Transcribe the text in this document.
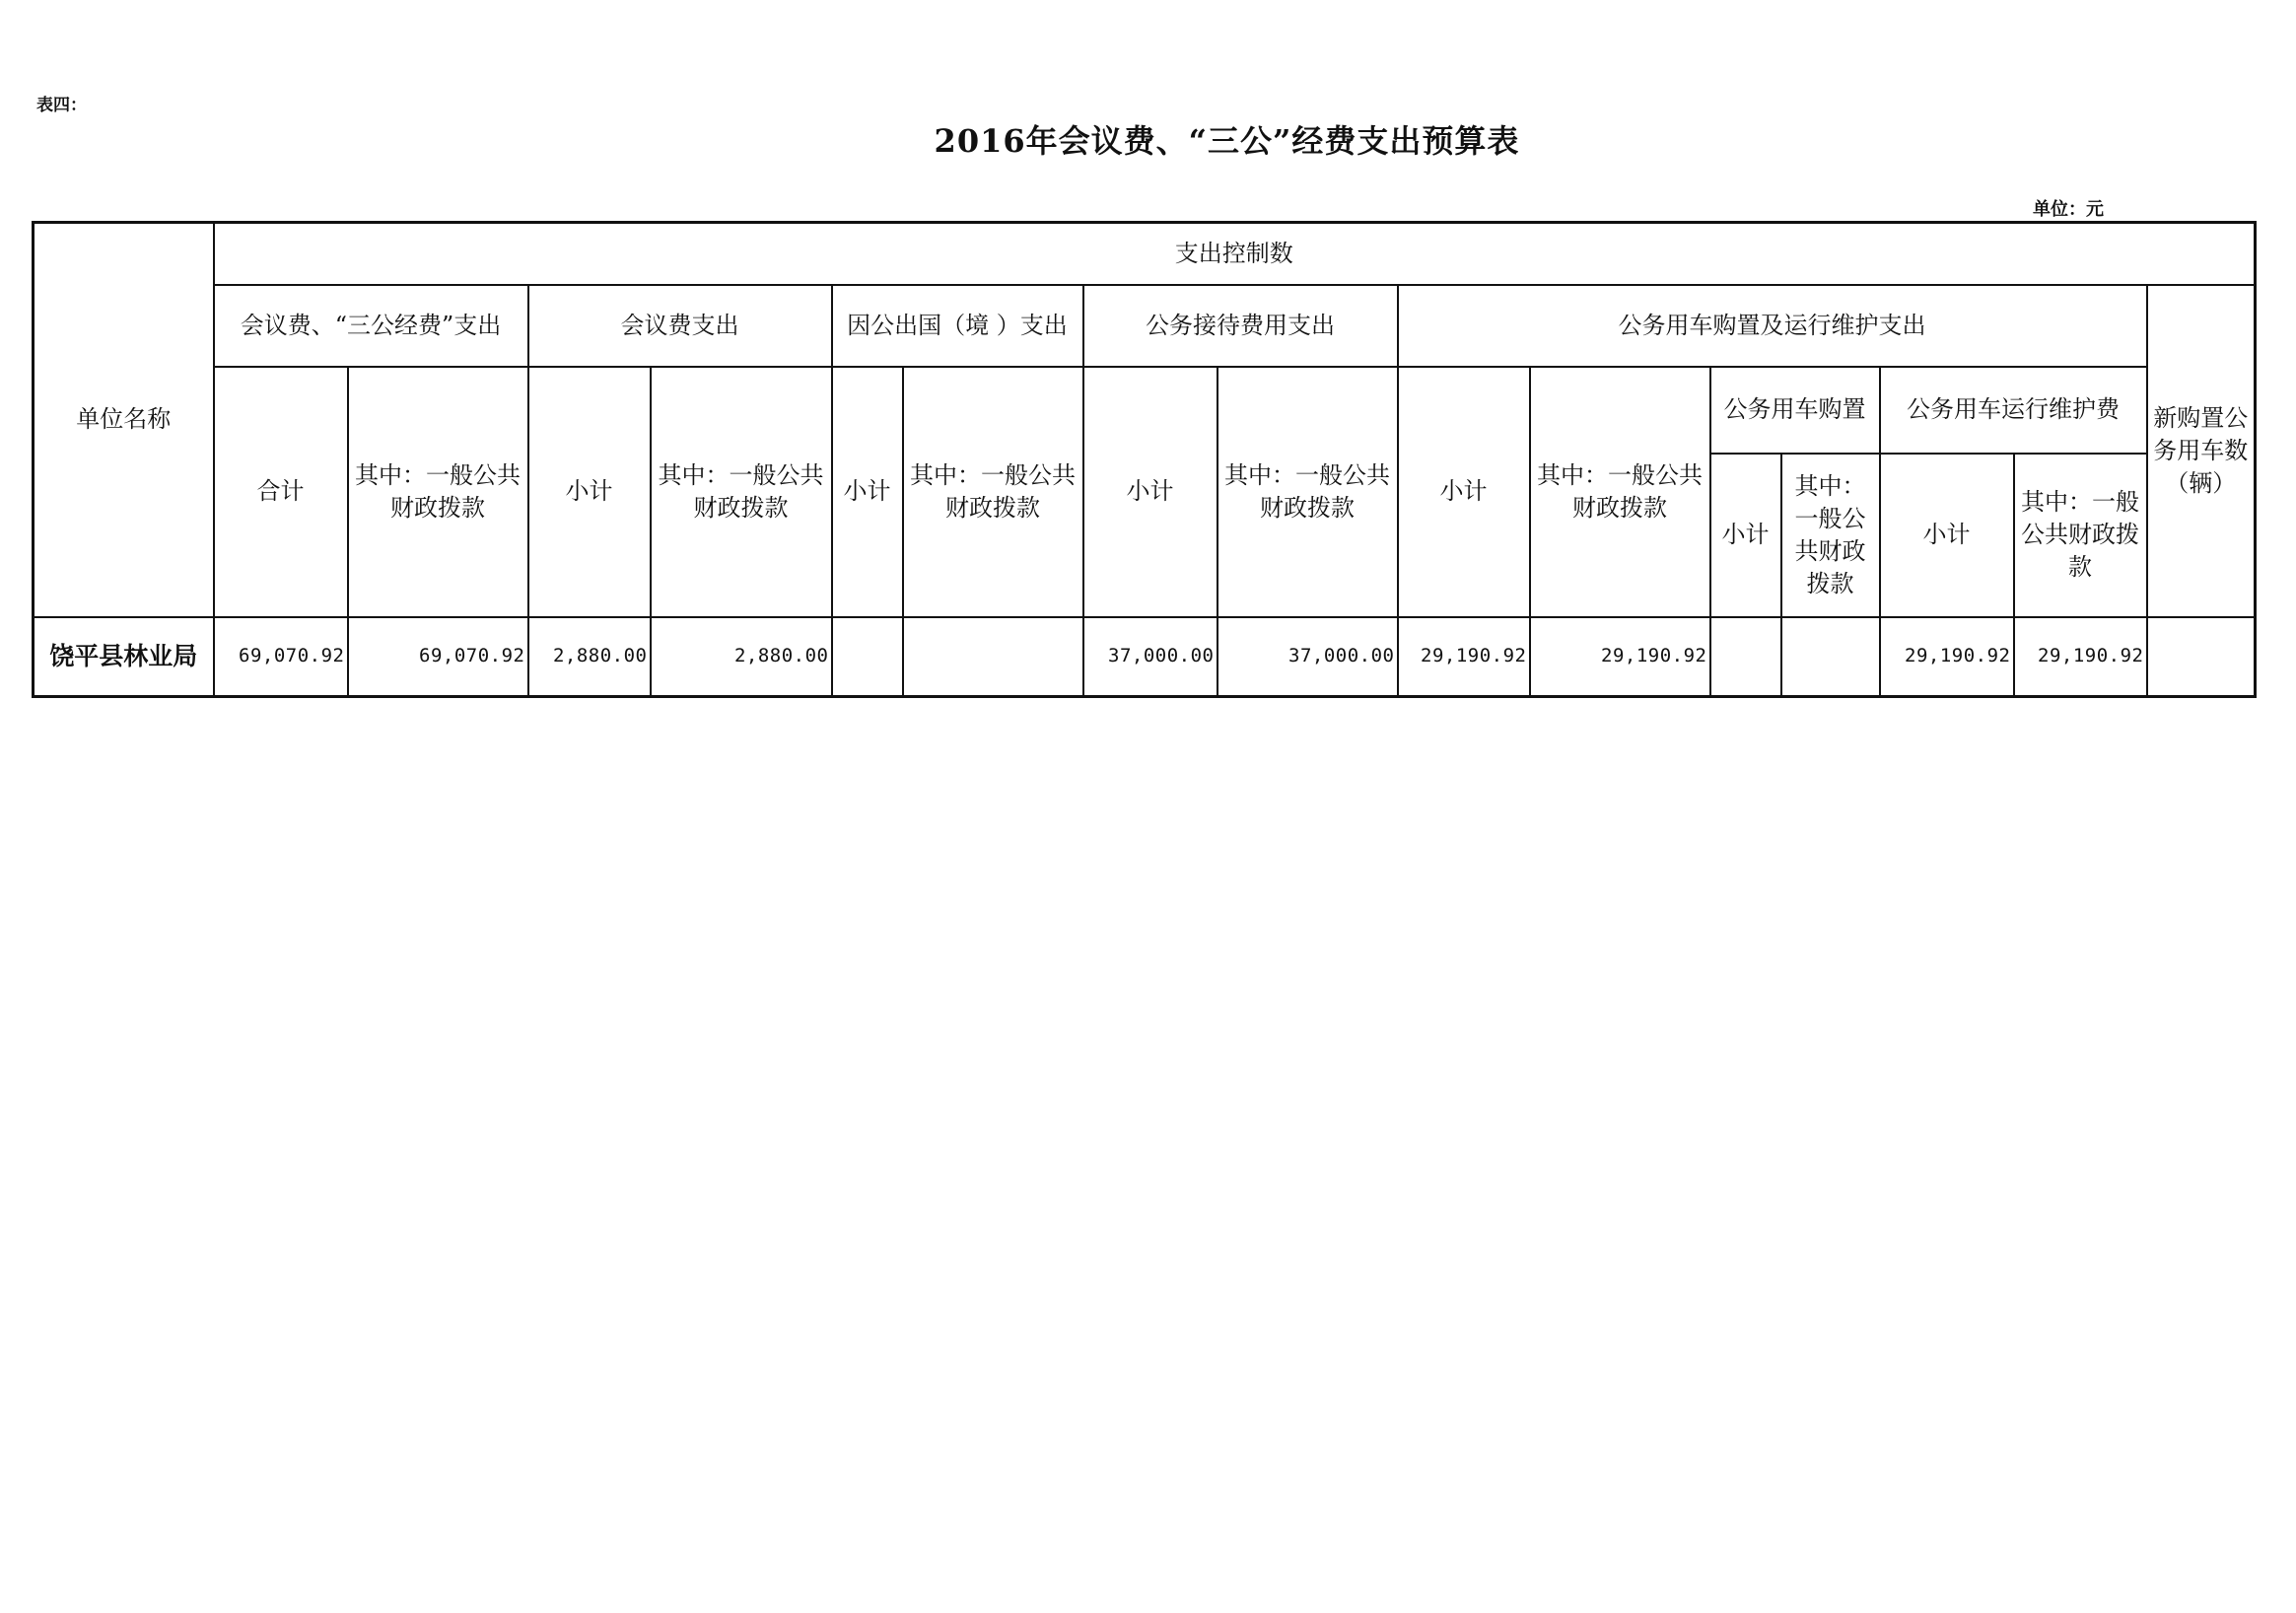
表四：
2016年会议费、“三公”经费支出预算表
单位：元
单位名称	支出控制数														
	会议费、“三公经费”支出		会议费支出		因公出国（境 ）支出		公务接待费用支出		公务用车购置及运行维护支出						新购置公务用车数（辆）
	合计	其中：一般公共财政拨款	小计	其中：一般公共财政拨款	小计	其中：一般公共财政拨款	小计	其中：一般公共财政拨款	小计	其中：一般公共财政拨款	公务用车购置		公务用车运行维护费		
											小计	其中：一般公共财政拨款	小计	其中：一般公共财政拨款	

饶平县林业局	69,070.92	69,070.92	2,880.00	2,880.00			37,000.00	37,000.00	29,190.92	29,190.92			29,190.92	29,190.92	
